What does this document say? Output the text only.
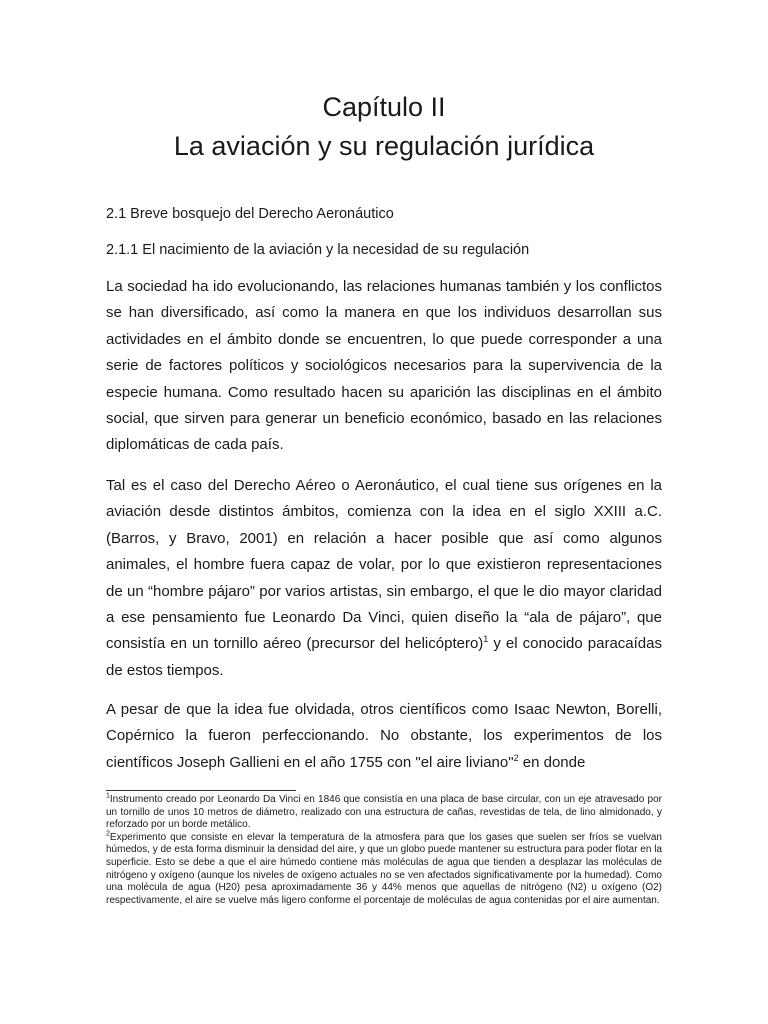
Capítulo II
La aviación y su regulación jurídica
2.1 Breve bosquejo del Derecho Aeronáutico
2.1.1 El nacimiento de la aviación y la necesidad de su regulación

La sociedad ha ido evolucionando, las relaciones humanas también y los conflictos se han diversificado, así como la manera en que los individuos desarrollan sus actividades en el ámbito donde se encuentren, lo que puede corresponder a una serie de factores políticos y sociológicos necesarios para la supervivencia de la especie humana. Como resultado hacen su aparición las disciplinas en el ámbito social, que sirven para generar un beneficio económico, basado en las relaciones diplomáticas de cada país.

Tal es el caso del Derecho Aéreo o Aeronáutico, el cual tiene sus orígenes en la aviación desde distintos ámbitos, comienza con la idea en el siglo XXIII a.C. (Barros, y Bravo, 2001) en relación a hacer posible que así como algunos animales, el hombre fuera capaz de volar, por lo que existieron representaciones de un “hombre pájaro” por varios artistas, sin embargo, el que le dio mayor claridad a ese pensamiento fue Leonardo Da Vinci, quien diseño la “ala de pájaro”, que consistía en un tornillo aéreo (precursor del helicóptero)$^1$ y el conocido paracaídas de estos tiempos.

A pesar de que la idea fue olvidada, otros científicos como Isaac Newton, Borelli, Copérnico la fueron perfeccionando. No obstante, los experimentos de los científicos Joseph Gallieni en el año 1755 con "el aire liviano"$^2$ en donde

$^1$Instrumento creado por Leonardo Da Vinci en 1846 que consistía en una placa de base circular, con un eje atravesado por un tornillo de unos 10 metros de diámetro, realizado con una estructura de cañas, revestidas de tela, de lino almidonado, y reforzado por un borde metálico.

$^2$Experimento que consiste en elevar la temperatura de la atmosfera para que los gases que suelen ser fríos se vuelvan húmedos, y de esta forma disminuir la densidad del aire, y que un globo puede mantener su estructura para poder flotar en la superficie. Esto se debe a que el aire húmedo contiene más moléculas de agua que tienden a desplazar las moléculas de nitrógeno y oxígeno (aunque los niveles de oxígeno actuales no se ven afectados significativamente por la humedad). Como una molécula de agua (H20) pesa aproximadamente 36 y 44% menos que aquellas de nitrógeno (N2) u oxígeno (O2) respectivamente, el aire se vuelve más ligero conforme el porcentaje de moléculas de agua contenidas por el aire aumentan.
